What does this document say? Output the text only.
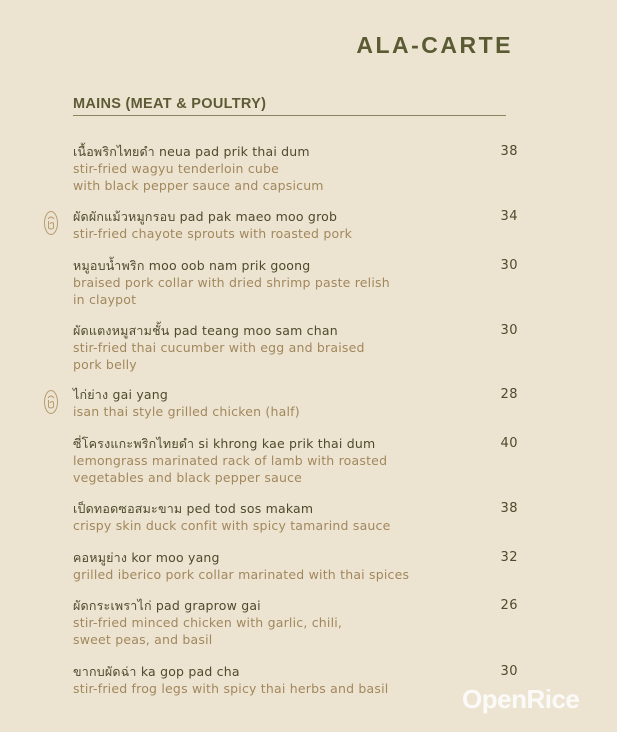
ALA-CARTE
MAINS (MEAT & POULTRY)
เนื้อพริกไทยดำ neua pad prik thai dum
stir-fried wagyu tenderloin cube
with black pepper sauce and capsicum
38
ผัดผักแม้วหมูกรอบ pad pak maeo moo grob
stir-fried chayote sprouts with roasted pork
34
หมูอบน้ำพริก moo oob nam prik goong
braised pork collar with dried shrimp paste relish
in claypot
30
ผัดแตงหมูสามชั้น pad teang moo sam chan
stir-fried thai cucumber with egg and braised
pork belly
30
ไก่ย่าง gai yang
isan thai style grilled chicken (half)
28
ซี่โครงแกะพริกไทยดำ si khrong kae prik thai dum
lemongrass marinated rack of lamb with roasted
vegetables and black pepper sauce
40
เป็ดทอดซอสมะขาม ped tod sos makam
crispy skin duck confit with spicy tamarind sauce
38
คอหมูย่าง kor moo yang
grilled iberico pork collar marinated with thai spices
32
ผัดกระเพราไก่ pad graprow gai
stir-fried minced chicken with garlic, chili,
sweet peas, and basil
26
ขากบผัดฉ่า ka gop pad cha
stir-fried frog legs with spicy thai herbs and basil
30
OpenRice
